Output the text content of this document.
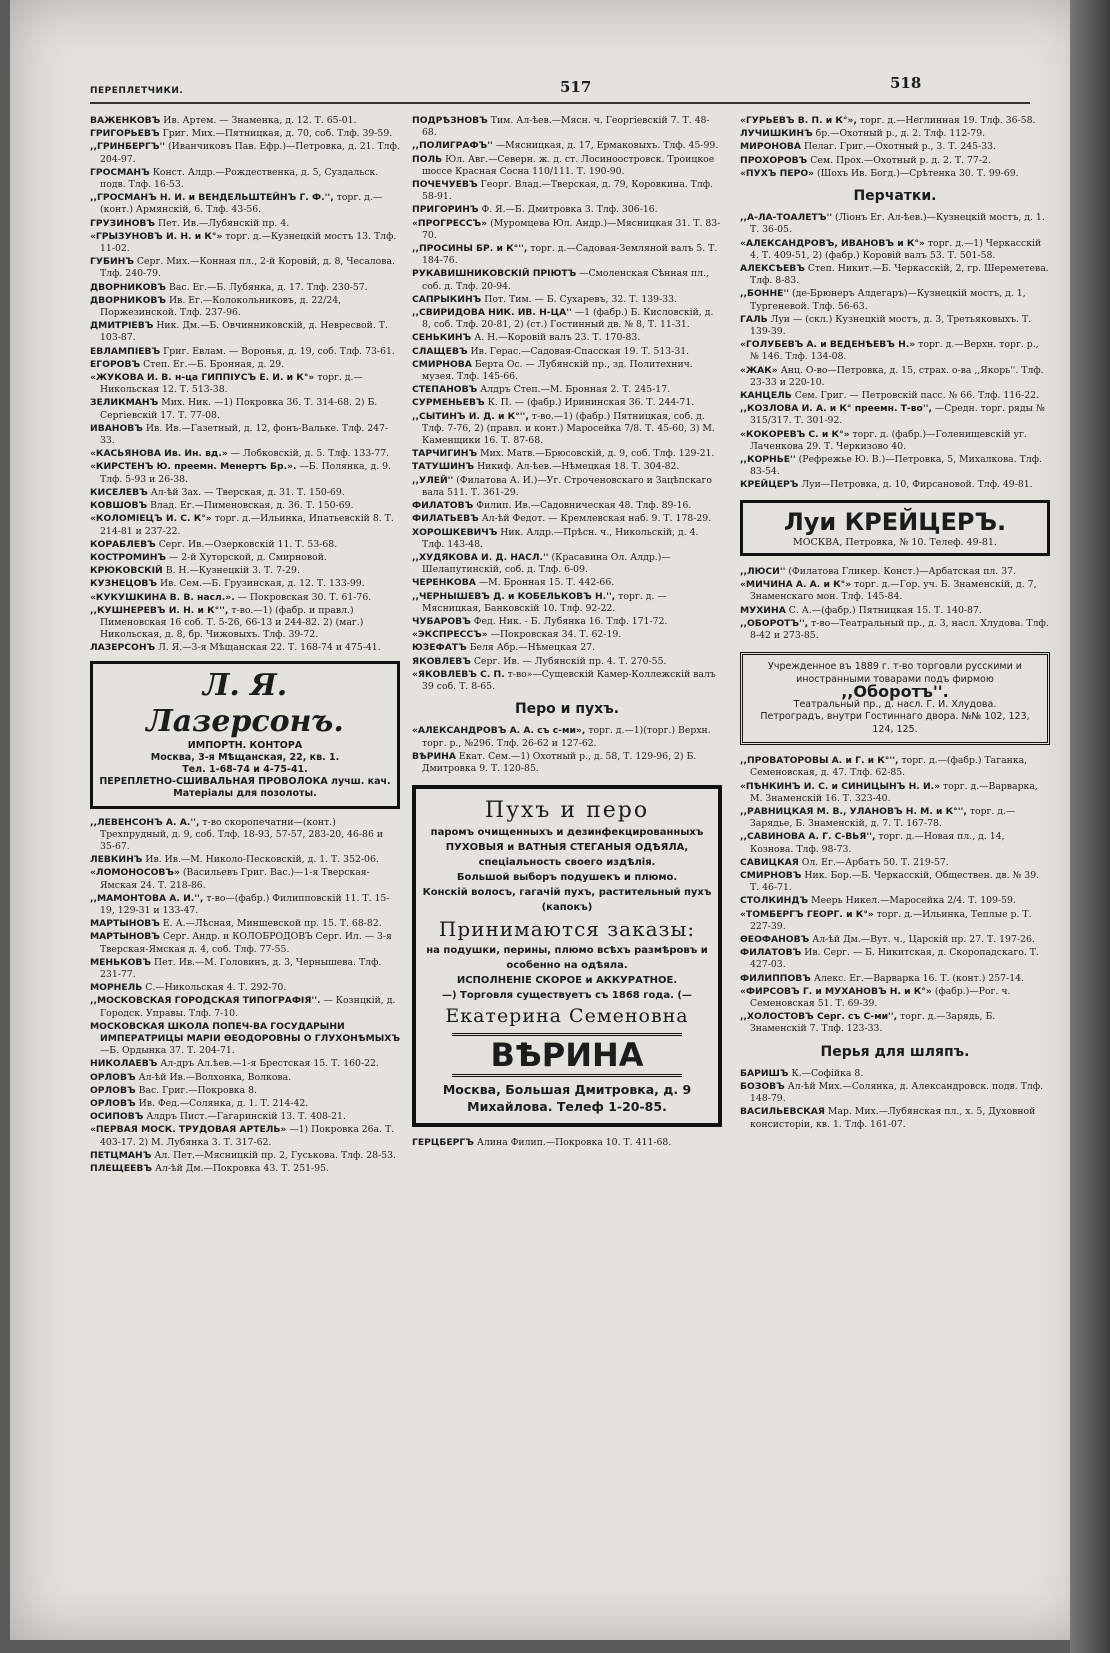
ПЕРЕПЛЕТЧИКИ.	517	518
ВАЖЕНКОВЪ Ив. Артем. — Знаменка, д. 12. Т. 65-01.
ГРИГОРЬЕВЪ Григ. Мих.—Пятницкая, д. 70, соб. Тлф. 39-59.
,,ГРИНБЕРГЪ'' (Иванчиковъ Пав. Ефр.)—Петровка, д. 21. Тлф. 204-97.
ГРОСМАНЪ Конст. Алдр.—Рождественка, д. 5, Суздальск. подв. Тлф. 16-53.
,,ГРОСМАНЪ Н. И. и ВЕНДЕЛЬШТЕЙНЪ Г. Ф.'', торг. д.—(конт.) Армянскій, 6. Тлф. 43-56.
ГРУЗИНОВЪ Пет. Ив.—Лубянскій пр. 4.
«ГРЫЗУНОВЪ И. Н. и К°» торг. д.—Кузнецкій мостъ 13. Тлф. 11-02.
ГУБИНЪ Серг. Мих.—Конная пл., 2-й Коровій, д. 8, Чесалова. Тлф. 240-79.
ДВОРНИКОВЪ Вас. Ег.—Б. Лубянка, д. 17. Тлф. 230-57.
ДВОРНИКОВЪ Ив. Ег.—Колокольниковъ, д. 22/24, Поржезинской. Тлф. 237-96.
ДМИТРІЕВЪ Ник. Дм.—Б. Овчинниковскій, д. Невресвой. Т. 103-87.
ЕВЛАМПІЕВЪ Григ. Евлам. — Воронья, д. 19, соб. Тлф. 73-61.
ЕГОРОВЪ Степ. Ег.—Б. Бронная, д. 29.
«ЖУКОВА И. В. н-ца ГИППІУСЪ Е. И. и К°» торг. д.—Никольская 12. Т. 513-38.
ЗЕЛИКМАНЪ Мих. Ник. —1) Покровка 36. Т. 314-68. 2) Б. Сергіевскій 17. Т. 77-08.
ИВАНОВЪ Ив. Ив.—Газетный, д. 12, фонъ-Вальке. Тлф. 247-33.
«КАСЬЯНОВА Ив. Ин. вд.» — Лобковскій, д. 5. Тлф. 133-77.
«КИРСТЕНЪ Ю. преемн. Менертъ Бр.». —Б. Полянка, д. 9. Тлф. 5-93 и 26-38.
КИСЕЛЕВЪ Ал-ѣй Зах. — Тверская, д. 31. Т. 150-69.
КОВШОВЪ Влад. Ег.—Пименовская, д. 36. Т. 150-69.
«КОЛОМІЕЦЪ И. С. К°» торг. д.—Ильинка, Ипатьевскій 8. Т. 214-81 и 237-22.
КОРАБЛЕВЪ Серг. Ив.—Озерковскій 11. Т. 53-68.
КОСТРОМИНЪ — 2-й Хуторской, д. Смирновой.
КРЮКОВСКІЙ В. Н.—Кузнецкій 3. Т. 7-29.
КУЗНЕЦОВЪ Ив. Сем.—Б. Грузинская, д. 12. Т. 133-99.
«КУКУШКИНА В. В. насл.». — Покровская 30. Т. 61-76.
,,КУШНЕРЕВЪ И. Н. и К°'', т-во.—1) (фабр. и правл.) Пименовская 16 соб. Т. 5-26, 66-13 и 244-82. 2) (маг.) Никольская, д. 8, бр. Чижовыхъ. Тлф. 39-72.
ЛАЗЕРСОНЪ Л. Я.—3-я Мѣщанская 22. Т. 168-74 и 475-41.
Л. Я. Лазерсонъ.
ИМПОРТН. КОНТОРА
Москва, 3-я Мѣщанская, 22, кв. 1.
Тел. 1-68-74 и 4-75-41.
ПЕРЕПЛЕТНО-СШИВАЛЬНАЯ ПРОВОЛОКА лучш. кач. Матеріалы для позолоты.
,,ЛЕВЕНСОНЪ А. А.'', т-во скоропечатни—(конт.) Трехпрудный, д. 9, соб. Тлф. 18-93, 57-57, 283-20, 46-86 и 35-67.
ЛЕВКИНЪ Ив. Ив.—М. Николо-Песковскій, д. 1. Т. 352-06.
«ЛОМОНОСОВЪ» (Васильевъ Григ. Вас.)—1-я Тверская-Ямская 24. Т. 218-86.
,,МАМОНТОВА А. И.'', т-во—(фабр.) Филипповскій 11. Т. 15-19, 129-31 и 133-47.
МАРТЫНОВЪ Е. А.—Лѣсная, Миншевской пр. 15. Т. 68-82.
МАРТЫНОВЪ Серг. Андр. и КОЛОБРОДОВЪ Серг. Ил. — 3-я Тверская-Ямская д. 4, соб. Тлф. 77-55.
МЕНЬКОВЪ Пет. Ив.—М. Головинъ, д. 3, Чернышева. Тлф. 231-77.
МОРНЕЛЬ С.—Никольская 4. Т. 292-70.
,,МОСКОВСКАЯ ГОРОДСКАЯ ТИПОГРАФІЯ''. — Кознцкій, д. Городск. Управы. Тлф. 7-10.
МОСКОВСКАЯ ШКОЛА ПОПЕЧ-ВА ГОСУДАРЫНИ ИМПЕРАТРИЦЫ МАРІИ ѲЕОДОРОВНЫ О ГЛУХОНѢМЫХЪ —Б. Ордынка 37. Т. 204-71.
НИКОЛАЕВЪ Ал-дръ Ал.ѣев.—1-я Брестская 15. Т. 160-22.
ОРЛОВЪ Ал-ѣй Ив.—Волхонка, Волкова.
ОРЛОВЪ Вас. Григ.—Покровка 8.
ОРЛОВЪ Ив. Фед.—Солянка, д. 1. Т. 214-42.
ОСИПОВЪ Алдръ Пист.—Гагаринскій 13. Т. 408-21.
«ПЕРВАЯ МОСК. ТРУДОВАЯ АРТЕЛЬ» —1) Покровка 26а. Т. 403-17. 2) М. Лубянка 3. Т. 317-62.
ПЕТЦМАНЪ Ал. Пет.—Мясницкій пр. 2, Гуськова. Тлф. 28-53.
ПЛЕЩЕЕВЪ Ал-ѣй Дм.—Покровка 43. Т. 251-95.
ПОДРѢЗНОВЪ Тим. Ал-ѣев.—Мясн. ч. Георгіевскій 7. Т. 48-68.
,,ПОЛИГРАФЪ'' —Мясницкая, д. 17, Ермаковыхъ. Тлф. 45-99.
ПОЛЬ Юл. Авг.—Северн. ж. д. ст. Лосиноостровск. Троицкое шоссе Красная Сосна 110/111. Т. 190-90.
ПОЧЕЧУЕВЪ Георг. Влад.—Тверская, д. 79, Коровкина. Тлф. 58-91.
ПРИГОРИНЪ Ф. Я.—Б. Дмитровка 3. Тлф. 306-16.
«ПРОГРЕССЪ» (Муромцева Юл. Андр.)—Мясницкая 31. Т. 83-70.
,,ПРОСИНЫ БР. и К°'', торг. д.—Садовая-Земляной валъ 5. Т. 184-76.
РУКАВИШНИКОВСКІЙ ПРІЮТЪ —Смоленская Сѣнная пл., соб. д. Тлф. 20-94.
САПРЫКИНЪ Пот. Тим. — Б. Сухаревъ, 32. Т. 139-33.
,,СВИРИДОВА НИК. ИВ. Н-ЦА'' —1 (фабр.) Б. Кисловскій, д. 8, соб. Тлф. 20-81, 2) (ст.) Гостинный дв. № 8, Т. 11-31.
СЕНЬКИНЪ А. Н.—Коровій валъ 23. Т. 170-83.
СЛАЩЕВЪ Ив. Герас.—Садовая-Спасская 19. Т. 513-31.
СМИРНОВА Берта Ос. — Лубянскій пр., зд. Политехнич. музея. Тлф. 145-66.
СТЕПАНОВЪ Алдръ Степ.—М. Бронная 2. Т. 245-17.
СУРМЕНЬЕВЪ К. П. — (фабр.) Ирининская 36. Т. 244-71.
,,СЫТИНЪ И. Д. и К°'', т-во.—1) (фабр.) Пятницкая, соб. д. Тлф. 7-76, 2) (правл. и конт.) Маросейка 7/8. Т. 45-60, 3) М. Каменщики 16. Т. 87-68.
ТАРЧИГИНЪ Мих. Матв.—Брюсовскій, д. 9, соб. Тлф. 129-21.
ТАТУШИНЪ Никиф. Ал-ѣев.—Нѣмецкая 18. Т. 304-82.
,,УЛЕЙ'' (Филатова А. И.)—Уг. Строченовскаго и Зацѣпскаго вала 511. Т. 361-29.
ФИЛАТОВЪ Филип. Ив.—Садовническая 48. Тлф. 89-16.
ФИЛАТЬЕВЪ Ал-ѣй Федот. — Кремлевская наб. 9. Т. 178-29.
ХОРОШКЕВИЧЪ Ник. Алдр.—Прѣсн. ч., Никольскій, д. 4. Тлф. 143-48.
,,ХУДЯКОВА И. Д. НАСЛ.'' (Красавина Ол. Алдр.)—Шелапутинскій, соб. д. Тлф. 6-09.
ЧЕРЕНКОВА —М. Бронная 15. Т. 442-66.
,,ЧЕРНЫШЕВЪ Д. и КОБЕЛЬКОВЪ Н.'', торг. д. — Мясницкая, Банковскій 10. Тлф. 92-22.
ЧУБАРОВЪ Фед. Ник. - Б. Лубянка 16. Тлф. 171-72.
«ЭКСПРЕССЪ» —Покровская 34. Т. 62-19.
ЮЗЕФАТЪ Беля Абр.—Нѣмецкая 27.
ЯКОВЛЕВЪ Серг. Ив. — Лубянскій пр. 4. Т. 270-55.
«ЯКОВЛЕВЪ С. П. т-во»—Сущевскій Камер-Коллежскій валъ 39 соб. Т. 8-65.
Перо и пухъ.
«АЛЕКСАНДРОВЪ А. А. съ с-ми», торг. д.—1)(торг.) Верхн. торг. р., №296. Тлф. 26-62 и 127-62.
ВѢРИНА Екат. Сем.—1) Охотный р., д. 58, Т. 129-96, 2) Б. Дмитровка 9. Т. 120-85.
Пухъ и перо
паромъ очищенныхъ и дезинфекцированныхъ
ПУХОВЫЯ и ВАТНЫЯ СТЕГАНЫЯ ОДѢЯЛА,
спеціальность своего издѣлія.
Большой выборъ подушекъ и плюмо.
Конскій волосъ, гагачій пухъ, растительный пухъ (капокъ)
Принимаются заказы:
на подушки, перины, плюмо всѣхъ размѣровъ и особенно на одѣяла.
ИСПОЛНЕНІЕ СКОРОЕ и АККУРАТНОЕ.
—) Торговля существуетъ съ 1868 года. (—
Екатерина Семеновна
ВѢРИНА
Москва, Большая Дмитровка, д. 9 Михайлова. Телеф 1-20-85.
ГЕРЦБЕРГЪ Алина Филип.—Покровка 10. Т. 411-68.
«ГУРЬЕВЪ В. П. и К°», торг. д.—Неглинная 19. Тлф. 36-58.
ЛУЧИШКИНЪ бр.—Охотный р., д. 2. Тлф. 112-79.
МИРОНОВА Пелаг. Григ.—Охотный р., 3. Т. 245-33.
ПРОХОРОВЪ Сем. Прох.—Охотный р. д. 2. Т. 77-2.
«ПУХЪ ПЕРО» (Шохъ Ив. Богд.)—Срѣтенка 30. Т. 99-69.
Перчатки.
,,А-ЛА-ТОАЛЕТЪ'' (Ліонъ Ег. Ал-ѣев.)—Кузнецкій мостъ, д. 1. Т. 36-05.
«АЛЕКСАНДРОВЪ, ИВАНОВЪ и К°» торг. д.—1) Черкасскій 4. Т. 409-51, 2) (фабр.) Коровій валъ 53. Т. 501-58.
АЛЕКСѢЕВЪ Степ. Никит.—Б. Черкасскій, 2, гр. Шереметева. Тлф. 8-83.
,,БОННЕ'' (де-Брюнеръ Алдегаръ)—Кузнецкій мостъ, д. 1, Тургеневой. Тлф. 56-63.
ГАЛЬ Луи — (скл.) Кузнецкій мостъ, д. 3, Третьяковыхъ. Т. 139-39.
«ГОЛУБЕВЪ А. и ВЕДЕНѢЕВЪ Н.» торг. д.—Верхн. торг. р., № 146. Тлф. 134-08.
«ЖАК» Анц. О-во—Петровка, д. 15, страх. о-ва ,,Якорь''. Тлф. 23-33 и 220-10.
КАНЦЕЛЬ Сем. Григ. — Петровскій пасс. № 66. Тлф. 116-22.
,,КОЗЛОВА И. А. и К° преемн. Т-во'', —Средн. торг. ряды № 315/317. Т. 301-92.
«КОКОРЕВЪ С. и К°» торг. д. (фабр.)—Голенищевскій уг. Лаченкова 29. Т. Черкизово 40.
,,КОРНЬЕ'' (Рефрежье Ю. В.)—Петровка, 5, Михалкова. Тлф. 83-54.
КРЕЙЦЕРЪ Луи—Петровка, д. 10, Фирсановой. Тлф. 49-81.
Луи КРЕЙЦЕРЪ.
МОСКВА, Петровка, № 10. Телеф. 49-81.
,,ЛЮСИ'' (Филатова Гликер. Конст.)—Арбатская пл. 37.
«МИЧИНА А. А. и К°» торг. д.—Гор. уч. Б. Знаменскій, д. 7, Знаменскаго мон. Тлф. 145-84.
МУХИНА С. А.—(фабр.) Пятницкая 15. Т. 140-87.
,,ОБОРОТЪ'', т-во—Театральный пр., д. 3, насл. Хлудова. Тлф. 8-42 и 273-85.
Учрежденное въ 1889 г. т-во торговли русскими и иностранными товарами подъ фирмою
,,Оборотъ''.
Театральный пр., д. насл. Г. И. Хлудова.
Петроградъ, внутри Гостиннаго двора. №№ 102, 123, 124, 125.
,,ПРОВАТОРОВЫ А. и Г. и К°'', торг. д.—(фабр.) Таганка, Семеновская, д. 47. Тлф. 62-85.
«ПѢНКИНЪ И. С. и СИНИЦЫНЪ Н. И.» торг. д.—Варварка, М. Знаменскій 16. Т. 323-40.
,,РАВНИЦКАЯ М. В., УЛАНОВЪ Н. М. и К°'', торг. д.—Зарядье, Б. Знаменскій, д. 7. Т. 167-78.
,,САВИНОВА А. Г. С-ВЬЯ'', торг. д.—Новая пл., д. 14, Кознова. Тлф. 98-73.
САВИЦКАЯ Ол. Ег.—Арбатъ 50. Т. 219-57.
СМИРНОВЪ Ник. Бор.—Б. Черкасскій, Обществен. дв. № 39. Т. 46-71.
СТОЛКИНДЪ Меерь Никел.—Маросейка 2/4. Т. 109-59.
«ТОМБЕРГЪ ГЕОРГ. и К°» торг. д.—Ильинка, Теплые р. Т. 227-39.
ѲЕОФАНОВЪ Ал-ѣй Дм.—Вут. ч., Царскій пр. 27. Т. 197-26.
ФИЛАТОВЪ Ив. Серг. — Б. Никитская, д. Скоропадскаго. Т. 427-03.
ФИЛИППОВЪ Алекс. Ег.—Варварка 16. Т. (конт.) 257-14.
«ФИРСОВЪ Г. и МУХАНОВЪ Н. и К°» (фабр.)—Рог. ч. Семеновская 51. Т. 69-39.
,,ХОЛОСТОВЪ Серг. съ С-ми'', торг. д.—Зарядь, Б. Знаменскій 7. Тлф. 123-33.
Перья для шляпъ.
БАРИШЪ К.—Софійка 8.
БОЗОВЪ Ал-ѣй Мих.—Солянка, д. Александровск. подв. Тлф. 148-79.
ВАСИЛЬЕВСКАЯ Мар. Мих.—Лубянская пл., х. 5, Духовной консисторіи, кв. 1. Тлф. 161-07.
